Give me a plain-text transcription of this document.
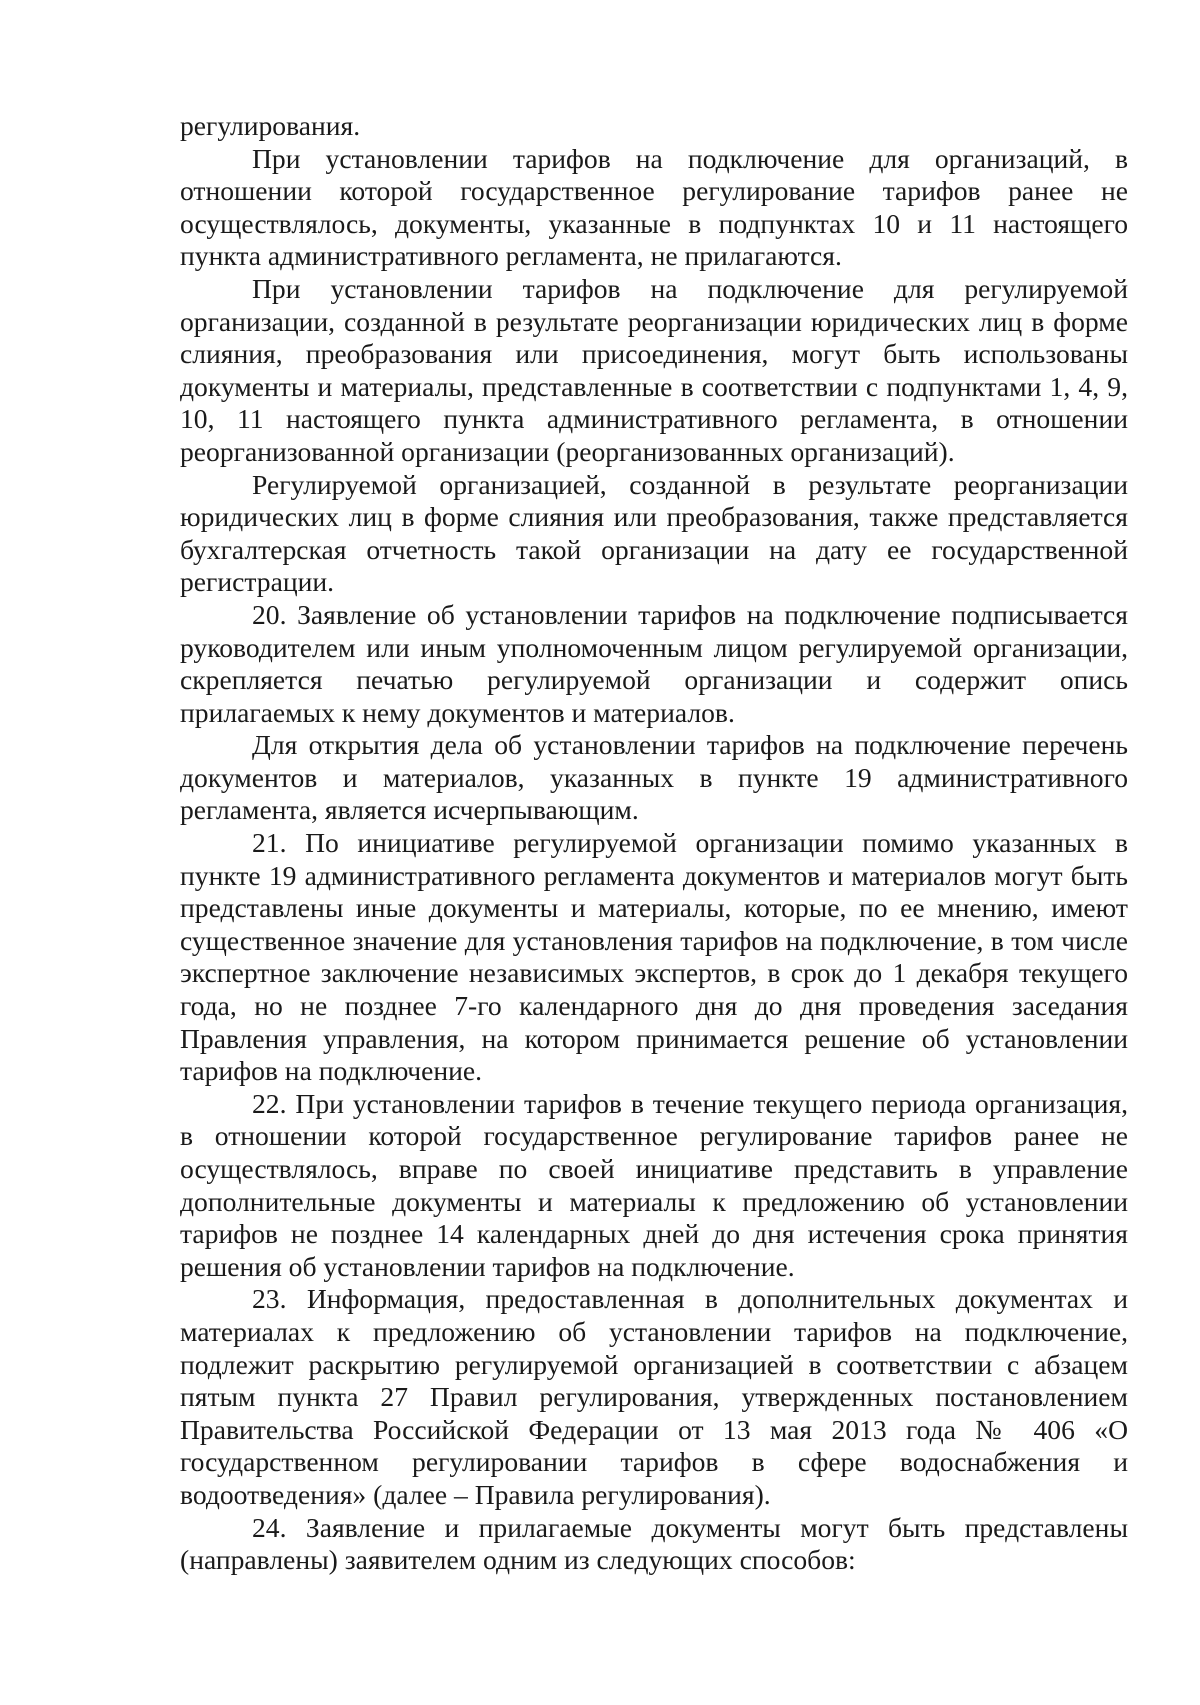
регулирования.

При установлении тарифов на подключение для организаций, в отношении которой государственное регулирование тарифов ранее не осуществлялось, документы, указанные в подпунктах 10 и 11 настоящего пункта административного регламента, не прилагаются.

При установлении тарифов на подключение для регулируемой организации, созданной в результате реорганизации юридических лиц в форме слияния, преобразования или присоединения, могут быть использованы документы и материалы, представленные в соответствии с подпунктами 1, 4, 9, 10, 11 настоящего пункта административного регламента, в отношении реорганизованной организации (реорганизованных организаций).

Регулируемой организацией, созданной в результате реорганизации юридических лиц в форме слияния или преобразования, также представляется бухгалтерская отчетность такой организации на дату ее государственной регистрации.

20. Заявление об установлении тарифов на подключение подписывается руководителем или иным уполномоченным лицом регулируемой организации, скрепляется печатью регулируемой организации и содержит опись прилагаемых к нему документов и материалов.

Для открытия дела об установлении тарифов на подключение перечень документов и материалов, указанных в пункте 19 административного регламента, является исчерпывающим.

21. По инициативе регулируемой организации помимо указанных в пункте 19 административного регламента документов и материалов могут быть представлены иные документы и материалы, которые, по ее мнению, имеют существенное значение для установления тарифов на подключение, в том числе экспертное заключение независимых экспертов, в срок до 1 декабря текущего года, но не позднее 7-го календарного дня до дня проведения заседания Правления управления, на котором принимается решение об установлении тарифов на подключение.

22. При установлении тарифов в течение текущего периода организация, в отношении которой государственное регулирование тарифов ранее не осуществлялось, вправе по своей инициативе представить в управление дополнительные документы и материалы к предложению об установлении тарифов не позднее 14 календарных дней до дня истечения срока принятия решения об установлении тарифов на подключение.

23. Информация, предоставленная в дополнительных документах и материалах к предложению об установлении тарифов на подключение, подлежит раскрытию регулируемой организацией в соответствии с абзацем пятым пункта 27 Правил регулирования, утвержденных постановлением Правительства Российской Федерации от 13 мая 2013 года № 406 «О государственном регулировании тарифов в сфере водоснабжения и водоотведения» (далее – Правила регулирования).

24. Заявление и прилагаемые документы могут быть представлены (направлены) заявителем одним из следующих способов:
